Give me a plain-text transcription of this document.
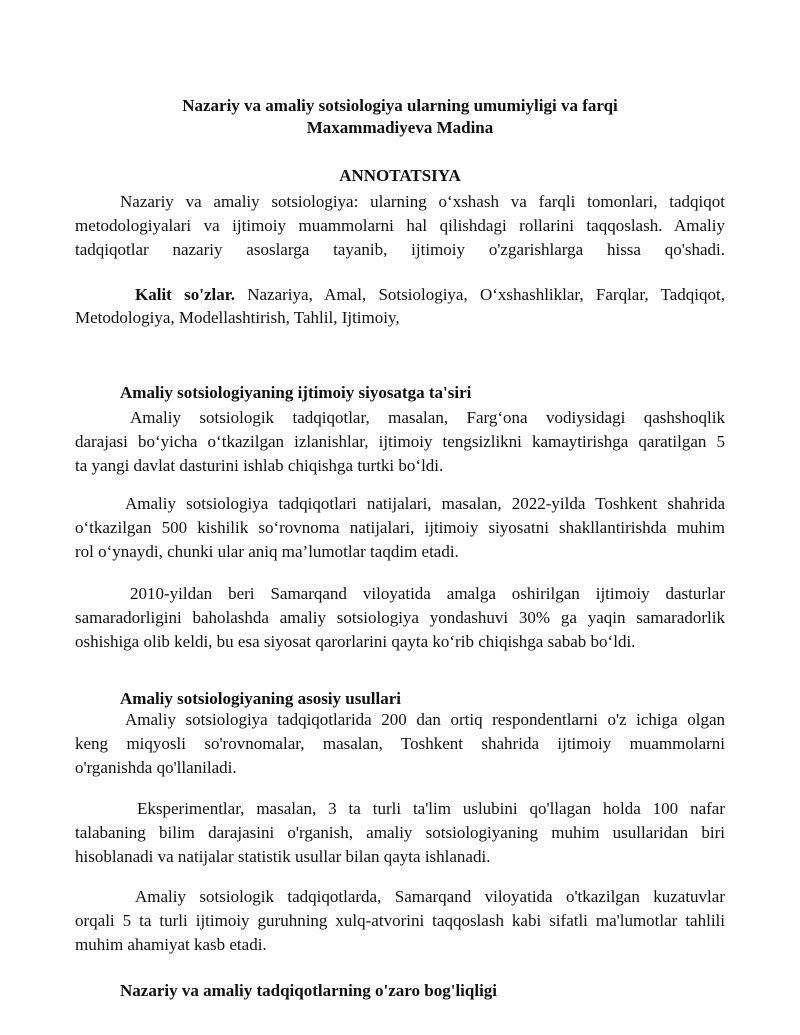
Nazariy va amaliy sotsiologiya ularning umumiyligi va farqi
Maxammadiyeva Madina
ANNOTATSIYA
Nazariy va amaliy sotsiologiya: ularning o‘xshash va farqli tomonlari, tadqiqot
metodologiyalari va ijtimoiy muammolarni hal qilishdagi rollarini taqqoslash. Amaliy
tadqiqotlar nazariy asoslarga tayanib, ijtimoiy o'zgarishlarga hissa qo'shadi.
Kalit so'zlar. Nazariya, Amal, Sotsiologiya, O‘xshashliklar, Farqlar, Tadqiqot,
Metodologiya, Modellashtirish, Tahlil, Ijtimoiy,
Amaliy sotsiologiyaning ijtimoiy siyosatga ta'siri
Amaliy sotsiologik tadqiqotlar, masalan, Farg‘ona vodiysidagi qashshoqlik
darajasi bo‘yicha o‘tkazilgan izlanishlar, ijtimoiy tengsizlikni kamaytirishga qaratilgan 5
ta yangi davlat dasturini ishlab chiqishga turtki bo‘ldi.
Amaliy sotsiologiya tadqiqotlari natijalari, masalan, 2022-yilda Toshkent shahrida
o‘tkazilgan 500 kishilik so‘rovnoma natijalari, ijtimoiy siyosatni shakllantirishda muhim
rol o‘ynaydi, chunki ular aniq ma’lumotlar taqdim etadi.
2010-yildan beri Samarqand viloyatida amalga oshirilgan ijtimoiy dasturlar
samaradorligini baholashda amaliy sotsiologiya yondashuvi 30% ga yaqin samaradorlik
oshishiga olib keldi, bu esa siyosat qarorlarini qayta ko‘rib chiqishga sabab bo‘ldi.
Amaliy sotsiologiyaning asosiy usullari
Amaliy sotsiologiya tadqiqotlarida 200 dan ortiq respondentlarni o'z ichiga olgan
keng miqyosli so'rovnomalar, masalan, Toshkent shahrida ijtimoiy muammolarni
o'rganishda qo'llaniladi.
Eksperimentlar, masalan, 3 ta turli ta'lim uslubini qo'llagan holda 100 nafar
talabaning bilim darajasini o'rganish, amaliy sotsiologiyaning muhim usullaridan biri
hisoblanadi va natijalar statistik usullar bilan qayta ishlanadi.
Amaliy sotsiologik tadqiqotlarda, Samarqand viloyatida o'tkazilgan kuzatuvlar
orqali 5 ta turli ijtimoiy guruhning xulq-atvorini taqqoslash kabi sifatli ma'lumotlar tahlili
muhim ahamiyat kasb etadi.
Nazariy va amaliy tadqiqotlarning o'zaro bog'liqligi
